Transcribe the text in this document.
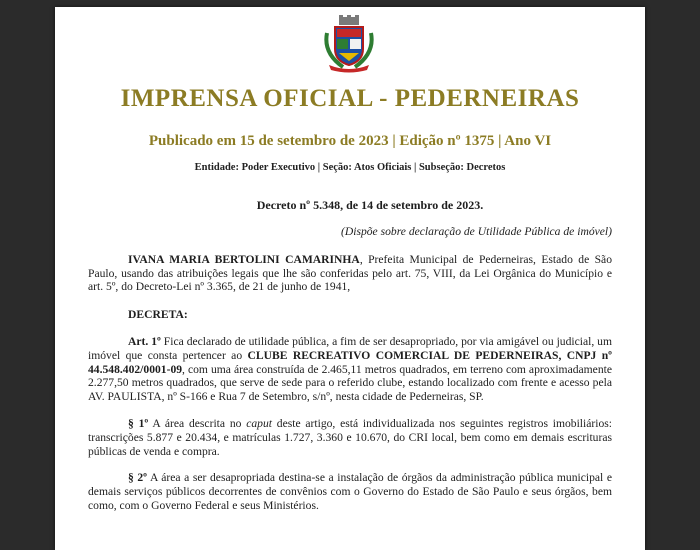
IMPRENSA OFICIAL - PEDERNEIRAS
Publicado em 15 de setembro de 2023 | Edição nº 1375 | Ano VI
Entidade: Poder Executivo | Seção: Atos Oficiais | Subseção: Decretos
Decreto nº 5.348, de 14 de setembro de 2023.
(Dispõe sobre declaração de Utilidade Pública de imóvel)

IVANA MARIA BERTOLINI CAMARINHA, Prefeita Municipal de Pederneiras, Estado de São Paulo, usando das atribuições legais que lhe são conferidas pelo art. 75, VIII, da Lei Orgânica do Município e art. 5º, do Decreto-Lei nº 3.365, de 21 de junho de 1941,

DECRETA:

Art. 1º Fica declarado de utilidade pública, a fim de ser desapropriado, por via amigável ou judicial, um imóvel que consta pertencer ao CLUBE RECREATIVO COMERCIAL DE PEDERNEIRAS, CNPJ nº 44.548.402/0001-09, com uma área construída de 2.465,11 metros quadrados, em terreno com aproximadamente 2.277,50 metros quadrados, que serve de sede para o referido clube, estando localizado com frente e acesso pela AV. PAULISTA, nº S-166 e Rua 7 de Setembro, s/nº, nesta cidade de Pederneiras, SP.

§ 1º A área descrita no caput deste artigo, está individualizada nos seguintes registros imobiliários: transcrições 5.877 e 20.434, e matrículas 1.727, 3.360 e 10.670, do CRI local, bem como em demais escrituras públicas de venda e compra.

§ 2º A área a ser desapropriada destina-se a instalação de órgãos da administração pública municipal e demais serviços públicos decorrentes de convênios com o Governo do Estado de São Paulo e seus órgãos, bem como, com o Governo Federal e seus Ministérios.
